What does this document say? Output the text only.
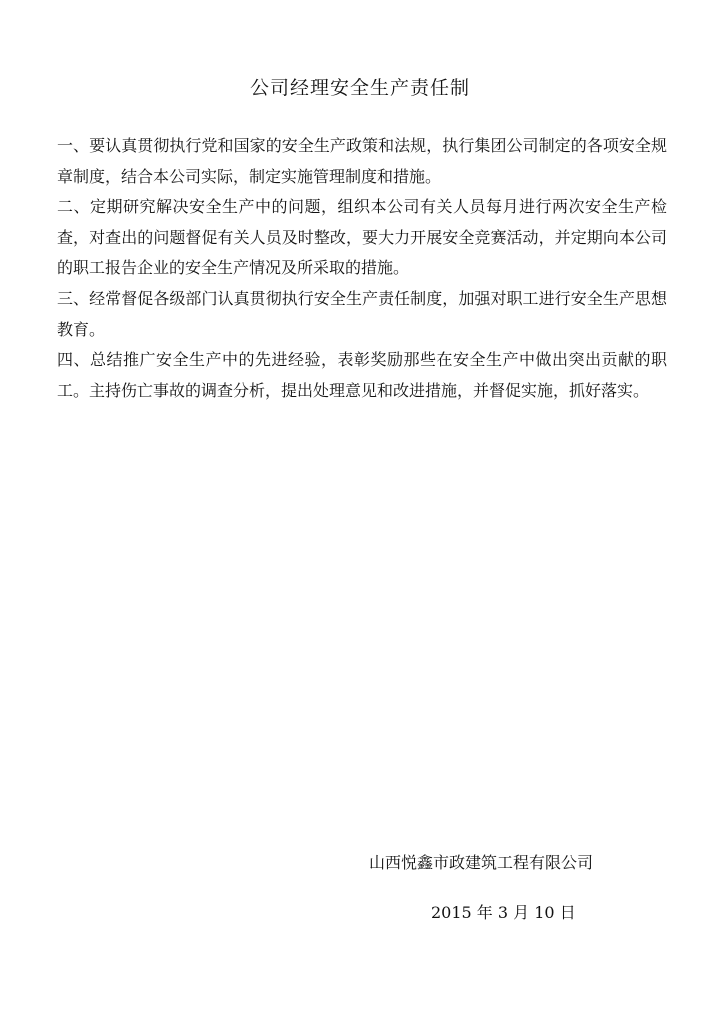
公司经理安全生产责任制

一、要认真贯彻执行党和国家的安全生产政策和法规，执行集团公司制定的各项安全规章制度，结合本公司实际，制定实施管理制度和措施。

二、定期研究解决安全生产中的问题，组织本公司有关人员每月进行两次安全生产检查，对查出的问题督促有关人员及时整改，要大力开展安全竞赛活动，并定期向本公司的职工报告企业的安全生产情况及所采取的措施。

三、经常督促各级部门认真贯彻执行安全生产责任制度，加强对职工进行安全生产思想教育。

四、总结推广安全生产中的先进经验，表彰奖励那些在安全生产中做出突出贡献的职工。主持伤亡事故的调查分析，提出处理意见和改进措施，并督促实施，抓好落实。

山西悦鑫市政建筑工程有限公司
2015 年 3 月 10 日
